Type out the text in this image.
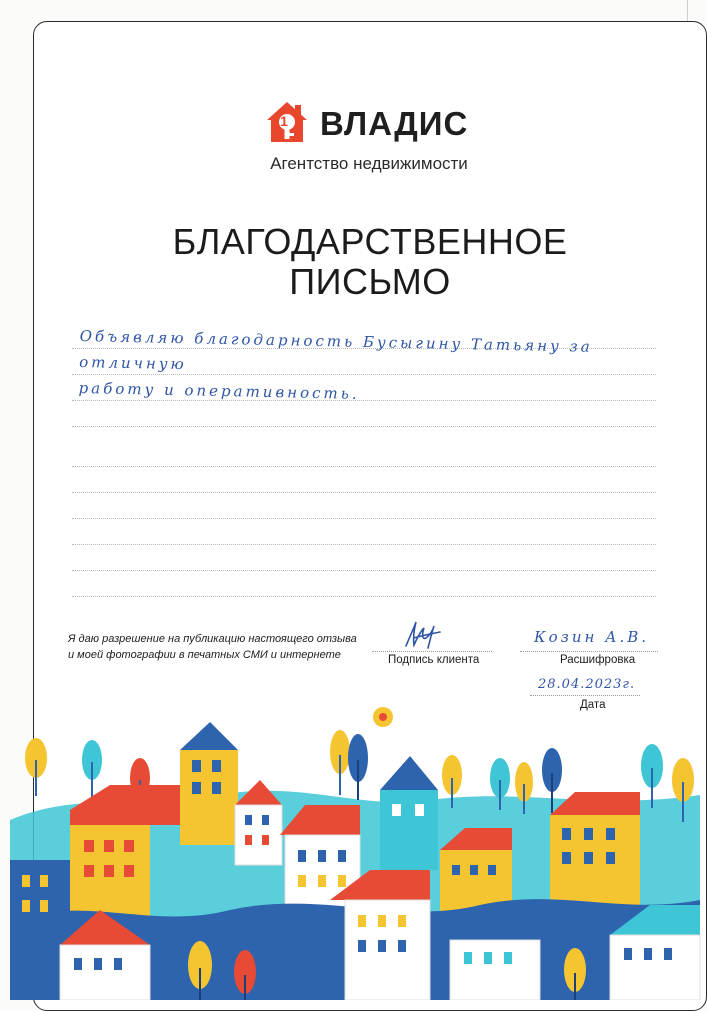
1 ВЛАДИС
Агентство недвижимости
БЛАГОДАРСТВЕННОЕ
ПИСЬМО
Объявляю благодарность Бусыгину Татьяну за отличную
работу и оперативность.
Я даю разрешение на публикацию настоящего отзыва
и моей фотографии в печатных СМИ и интернете	Подпись клиента
Козин А.В.
Расшифровка
28.04.2023г.
Дата
